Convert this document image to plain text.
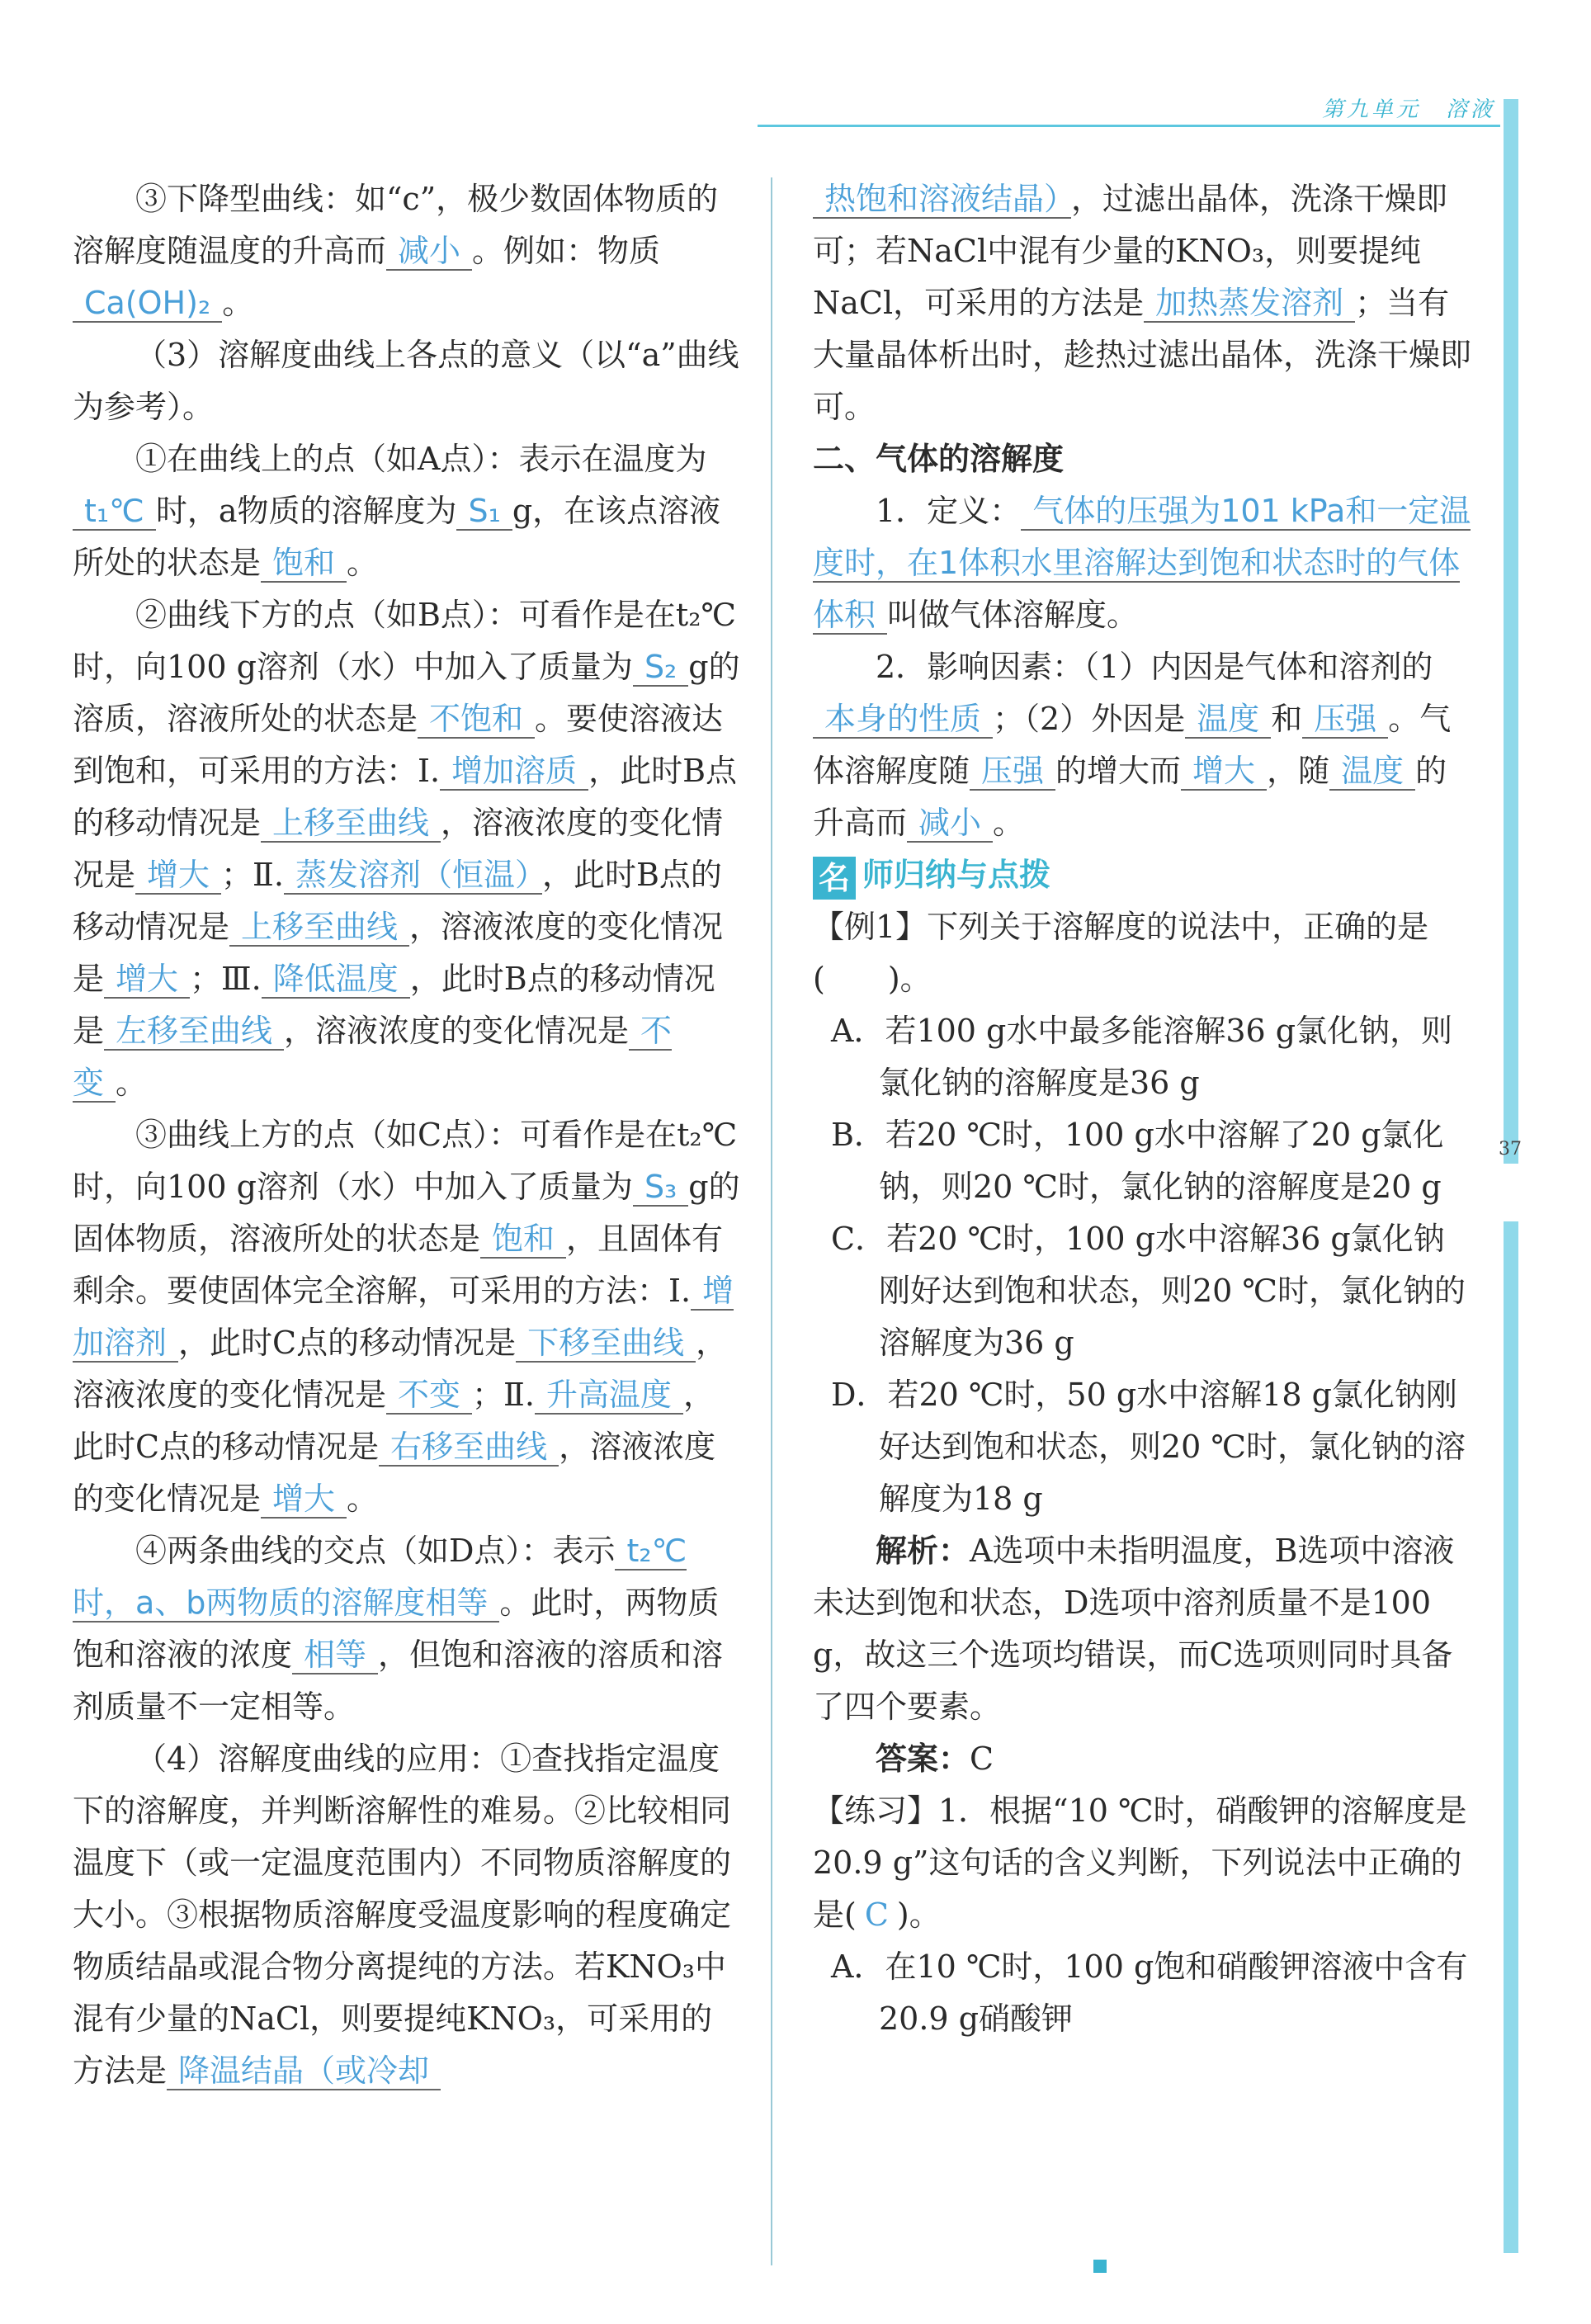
第九单元　溶液
37

③下降型曲线：如“c”，极少数固体物质的溶解度随温度的升高而 减小 。例如：物质Ca(OH)₂ 。

（3）溶解度曲线上各点的意义（以“a”曲线为参考）。

①在曲线上的点（如A点）：表示在温度为t₁℃ 时，a物质的溶解度为 S₁ g，在该点溶液所处的状态是 饱和 。

②曲线下方的点（如B点）：可看作是在t₂℃时，向100 g溶剂（水）中加入了质量为 S₂ g的溶质，溶液所处的状态是 不饱和 。要使溶液达到饱和，可采用的方法：Ⅰ. 增加溶质 ，此时B点的移动情况是 上移至曲线 ，溶液浓度的变化情况是 增大 ；Ⅱ. 蒸发溶剂（恒温） ，此时B点的移动情况是 上移至曲线 ，溶液浓度的变化情况是 增大 ；Ⅲ. 降低温度 ，此时B点的移动情况是 左移至曲线 ，溶液浓度的变化情况是 不变 。

③曲线上方的点（如C点）：可看作是在t₂℃时，向100 g溶剂（水）中加入了质量为 S₃ g的固体物质，溶液所处的状态是 饱和 ，且固体有剩余。要使固体完全溶解，可采用的方法：Ⅰ. 增加溶剂 ，此时C点的移动情况是 下移至曲线 ，溶液浓度的变化情况是 不变 ；Ⅱ. 升高温度 ，此时C点的移动情况是 右移至曲线 ，溶液浓度的变化情况是 增大 。

④两条曲线的交点（如D点）：表示 t₂℃时，a、b两物质的溶解度相等 。此时，两物质饱和溶液的浓度 相等 ，但饱和溶液的溶质和溶剂质量不一定相等。

（4）溶解度曲线的应用：①查找指定温度下的溶解度，并判断溶解性的难易。②比较相同温度下（或一定温度范围内）不同物质溶解度的大小。③根据物质溶解度受温度影响的程度确定物质结晶或混合物分离提纯的方法。若KNO₃中混有少量的NaCl，则要提纯KNO₃，可采用的方法是 降温结晶（或冷却

热饱和溶液结晶） ，过滤出晶体，洗涤干燥即可；若NaCl中混有少量的KNO₃，则要提纯NaCl，可采用的方法是 加热蒸发溶剂 ；当有大量晶体析出时，趁热过滤出晶体，洗涤干燥即可。

二、气体的溶解度

1．定义： 气体的压强为101 kPa和一定温度时，在1体积水里溶解达到饱和状态时的气体体积 叫做气体溶解度。

2．影响因素：（1）内因是气体和溶剂的本身的性质 ；（2）外因是 温度 和 压强 。气体溶解度随 压强 的增大而 增大 ，随 温度 的升高而 减小 。

名 师归纳与点拨

【例1】下列关于溶解度的说法中，正确的是(　　)。

A．若100 g水中最多能溶解36 g氯化钠，则氯化钠的溶解度是36 g

B．若20 ℃时，100 g水中溶解了20 g氯化钠，则20 ℃时，氯化钠的溶解度是20 g

C．若20 ℃时，100 g水中溶解36 g氯化钠刚好达到饱和状态，则20 ℃时，氯化钠的溶解度为36 g

D．若20 ℃时，50 g水中溶解18 g氯化钠刚好达到饱和状态，则20 ℃时，氯化钠的溶解度为18 g

解析：A选项中未指明温度，B选项中溶液未达到饱和状态，D选项中溶剂质量不是100 g，故这三个选项均错误，而C选项则同时具备了四个要素。

答案：C

【练习】1．根据“10 ℃时，硝酸钾的溶解度是20.9 g”这句话的含义判断，下列说法中正确的是( C )。

A．在10 ℃时，100 g饱和硝酸钾溶液中含有20.9 g硝酸钾
